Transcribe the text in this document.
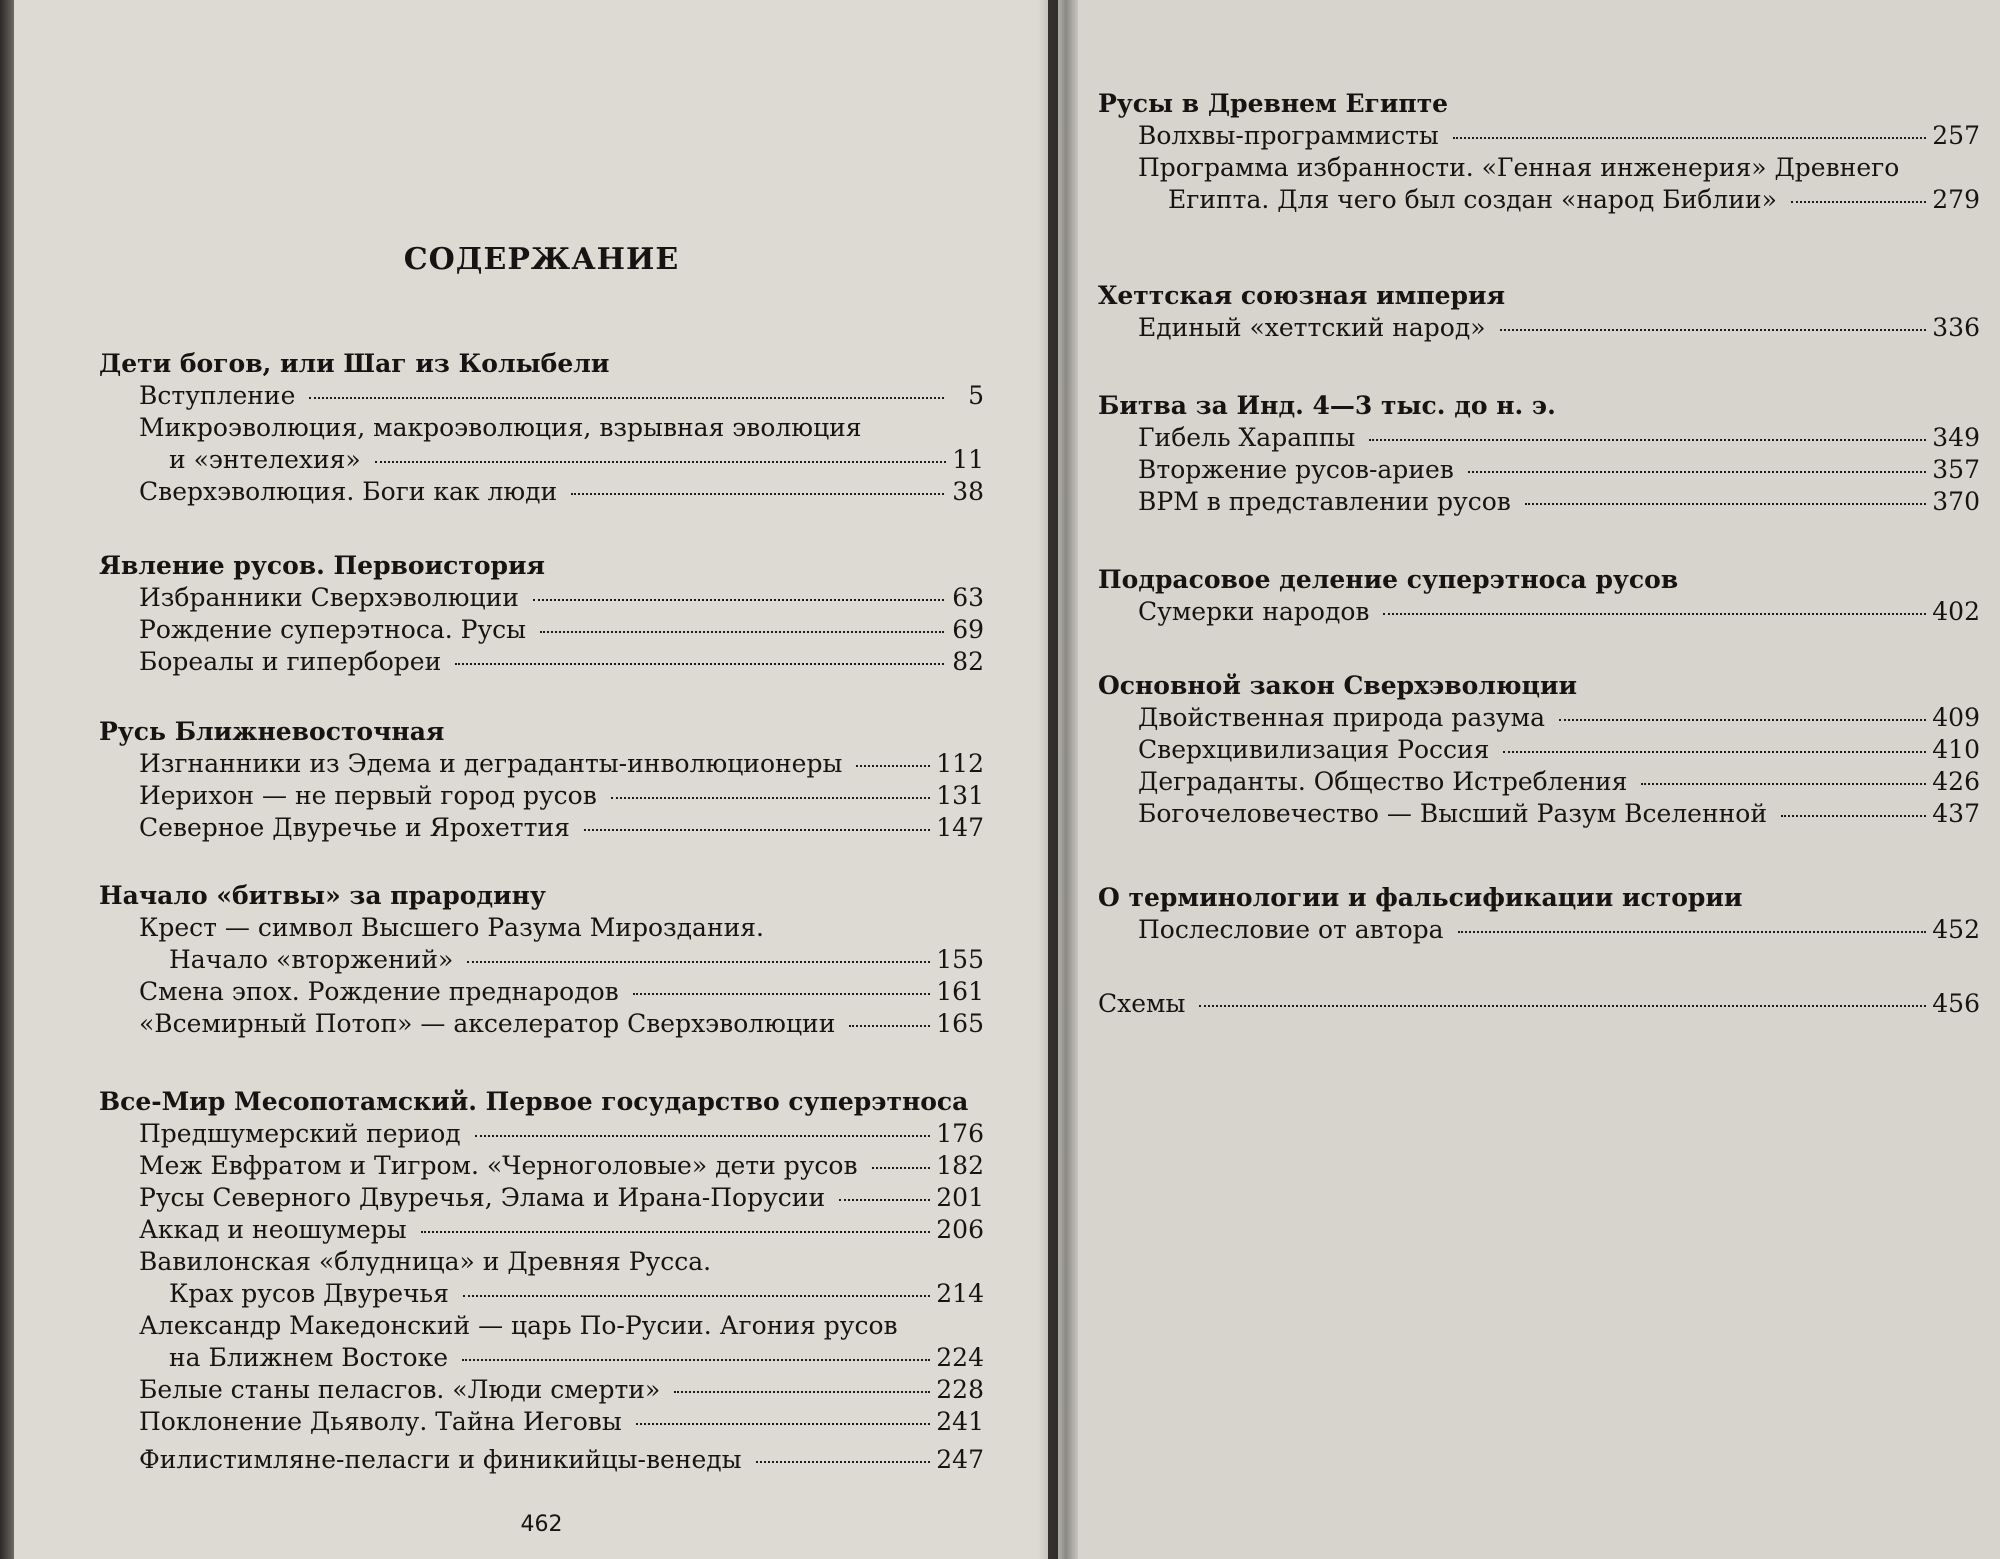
СОДЕРЖАНИЕ
Дети богов, или Шаг из Колыбели
Вступление	5
Микроэволюция, макроэволюция, взрывная эволюция
и «энтелехия»	11
Сверхэволюция. Боги как люди	38
Явление русов. Первоистория
Избранники Сверхэволюции	63
Рождение суперэтноса. Русы	69
Бореалы и гипербореи	82
Русь Ближневосточная
Изгнанники из Эдема и деграданты-инволюционеры	112
Иерихон — не первый город русов	131
Северное Двуречье и Ярохеттия	147
Начало «битвы» за прародину
Крест — символ Высшего Разума Мироздания.
Начало «вторжений»	155
Смена эпох. Рождение преднародов	161
«Всемирный Потоп» — акселератор Сверхэволюции	165
Все-Мир Месопотамский. Первое государство суперэтноса
Предшумерский период	176
Меж Евфратом и Тигром. «Черноголовые» дети русов	182
Русы Северного Двуречья, Элама и Ирана-Порусии	201
Аккад и неошумеры	206
Вавилонская «блудница» и Древняя Русса.
Крах русов Двуречья	214
Александр Македонский — царь По-Русии. Агония русов
на Ближнем Востоке	224
Белые станы пеласгов. «Люди смерти»	228
Поклонение Дьяволу. Тайна Иеговы	241
Филистимляне-пеласги и финикийцы-венеды	247
462
Русы в Древнем Египте
Волхвы-программисты	257
Программа избранности. «Генная инженерия» Древнего
Египта. Для чего был создан «народ Библии»	279
Хеттская союзная империя
Единый «хеттский народ»	336
Битва за Инд. 4—3 тыс. до н. э.
Гибель Хараппы	349
Вторжение русов-ариев	357
ВРМ в представлении русов	370
Подрасовое деление суперэтноса русов
Сумерки народов	402
Основной закон Сверхэволюции
Двойственная природа разума	409
Сверхцивилизация Россия	410
Деграданты. Общество Истребления	426
Богочеловечество — Высший Разум Вселенной	437
О терминологии и фальсификации истории
Послесловие от автора	452
Схемы	456
